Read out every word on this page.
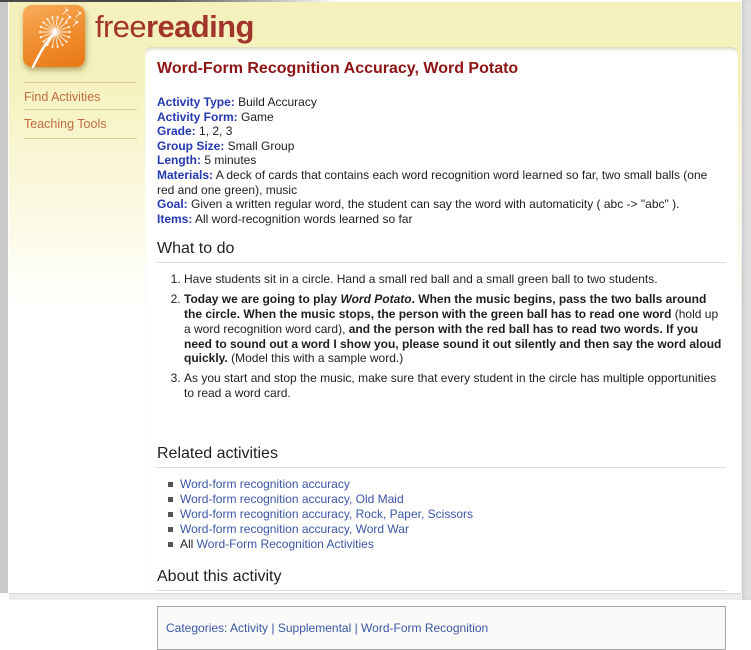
freereading
Find Activities
Teaching Tools
Word-Form Recognition Accuracy, Word Potato
Activity Type: Build Accuracy
Activity Form: Game
Grade: 1, 2, 3
Group Size: Small Group
Length: 5 minutes
Materials: A deck of cards that contains each word recognition word learned so far, two small balls (one red and one green), music
Goal: Given a written regular word, the student can say the word with automaticity ( abc -> "abc" ).
Items: All word-recognition words learned so far
What to do
1. Have students sit in a circle. Hand a small red ball and a small green ball to two students.
2. Today we are going to play Word Potato. When the music begins, pass the two balls around the circle. When the music stops, the person with the green ball has to read one word (hold up a word recognition word card), and the person with the red ball has to read two words. If you need to sound out a word I show you, please sound it out silently and then say the word aloud quickly. (Model this with a sample word.)
3. As you start and stop the music, make sure that every student in the circle has multiple opportunities to read a word card.
Related activities
Word-form recognition accuracy
Word-form recognition accuracy, Old Maid
Word-form recognition accuracy, Rock, Paper, Scissors
Word-form recognition accuracy, Word War
All Word-Form Recognition Activities
About this activity
Categories: Activity | Supplemental | Word-Form Recognition
